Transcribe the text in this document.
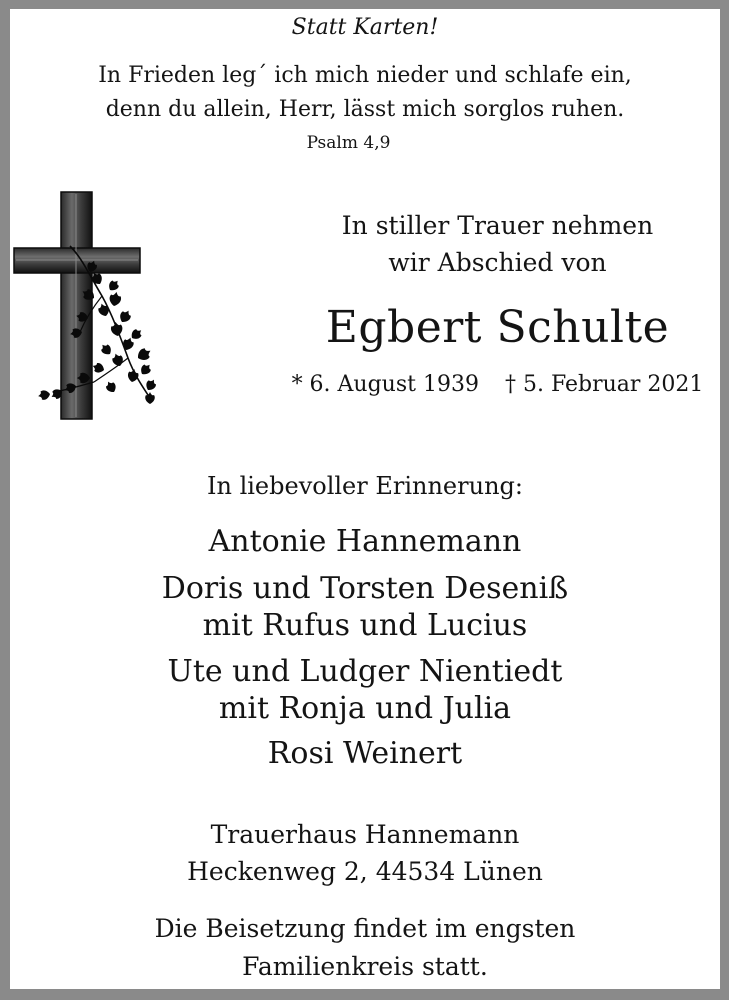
Statt Karten!
In Frieden leg´ ich mich nieder und schlafe ein,
denn du allein, Herr, lässt mich sorglos ruhen.
Psalm 4,9
In stiller Trauer nehmen
wir Abschied von
Egbert Schulte
* 6. August 1939 † 5. Februar 2021
In liebevoller Erinnerung:
Antonie Hannemann
Doris und Torsten Deseniß
mit Rufus und Lucius
Ute und Ludger Nientiedt
mit Ronja und Julia
Rosi Weinert
Trauerhaus Hannemann
Heckenweg 2, 44534 Lünen
Die Beisetzung findet im engsten
Familienkreis statt.
